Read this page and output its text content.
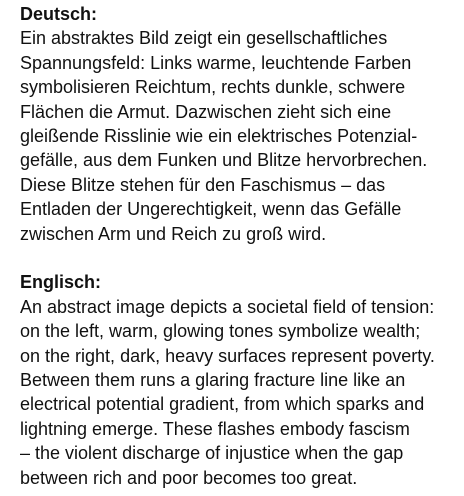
Deutsch:
Ein abstraktes Bild zeigt ein gesellschaftliches
Spannungsfeld: Links warme, leuchtende Farben
symbolisieren Reichtum, rechts dunkle, schwere
Flächen die Armut. Dazwischen zieht sich eine
gleißende Risslinie wie ein elektrisches Potenzial-
gefälle, aus dem Funken und Blitze hervorbrechen.
Diese Blitze stehen für den Faschismus – das
Entladen der Ungerechtigkeit, wenn das Gefälle
zwischen Arm und Reich zu groß wird.
Englisch:
An abstract image depicts a societal field of tension:
on the left, warm, glowing tones symbolize wealth;
on the right, dark, heavy surfaces represent poverty.
Between them runs a glaring fracture line like an
electrical potential gradient, from which sparks and
lightning emerge. These flashes embody fascism
– the violent discharge of injustice when the gap
between rich and poor becomes too great.
